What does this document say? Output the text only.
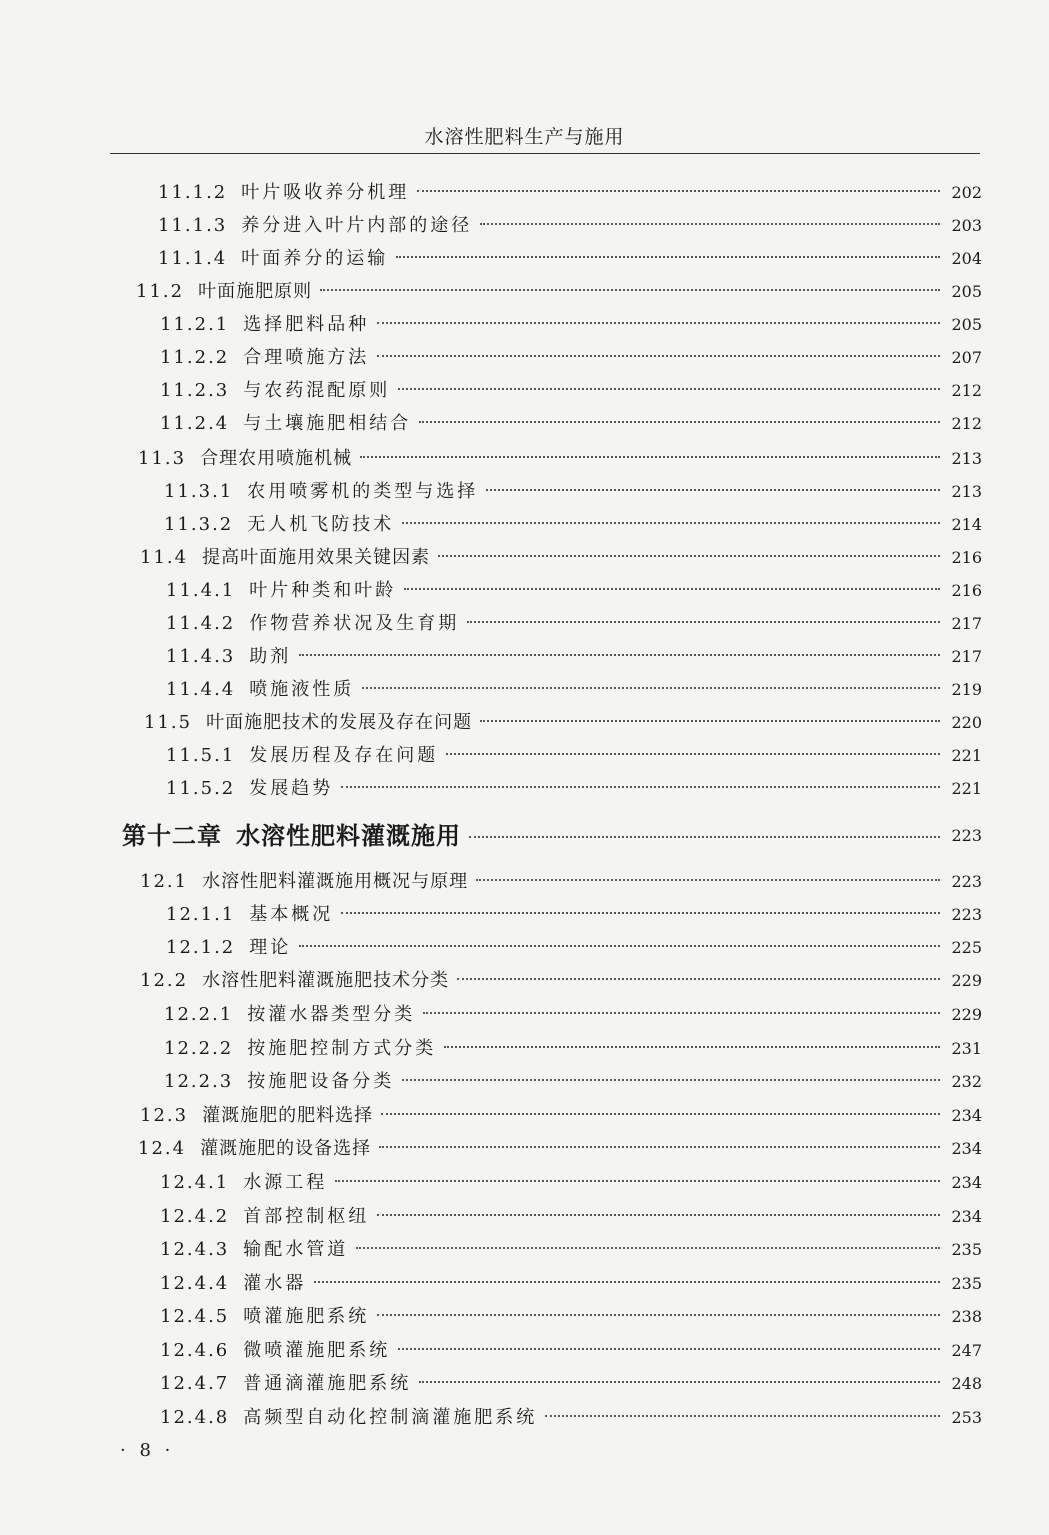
水溶性肥料生产与施用
11.1.2 叶片吸收养分机理	202
11.1.3 养分进入叶片内部的途径	203
11.1.4 叶面养分的运输	204
11.2 叶面施肥原则	205
11.2.1 选择肥料品种	205
11.2.2 合理喷施方法	207
11.2.3 与农药混配原则	212
11.2.4 与土壤施肥相结合	212
11.3 合理农用喷施机械	213
11.3.1 农用喷雾机的类型与选择	213
11.3.2 无人机飞防技术	214
11.4 提高叶面施用效果关键因素	216
11.4.1 叶片种类和叶龄	216
11.4.2 作物营养状况及生育期	217
11.4.3 助剂	217
11.4.4 喷施液性质	219
11.5 叶面施肥技术的发展及存在问题	220
11.5.1 发展历程及存在问题	221
11.5.2 发展趋势	221
第十二章 水溶性肥料灌溉施用	223
12.1 水溶性肥料灌溉施用概况与原理	223
12.1.1 基本概况	223
12.1.2 理论	225
12.2 水溶性肥料灌溉施肥技术分类	229
12.2.1 按灌水器类型分类	229
12.2.2 按施肥控制方式分类	231
12.2.3 按施肥设备分类	232
12.3 灌溉施肥的肥料选择	234
12.4 灌溉施肥的设备选择	234
12.4.1 水源工程	234
12.4.2 首部控制枢纽	234
12.4.3 输配水管道	235
12.4.4 灌水器	235
12.4.5 喷灌施肥系统	238
12.4.6 微喷灌施肥系统	247
12.4.7 普通滴灌施肥系统	248
12.4.8 高频型自动化控制滴灌施肥系统	253
· 8 ·
